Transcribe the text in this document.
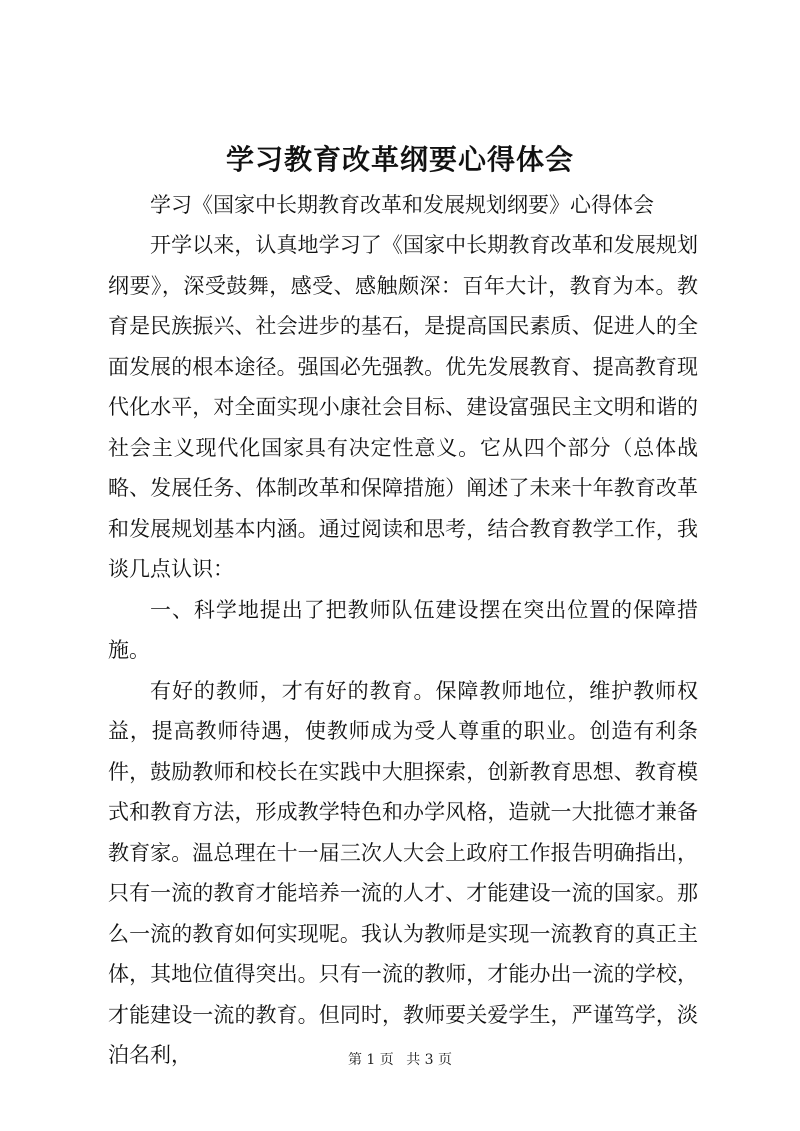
学习教育改革纲要心得体会

学习《国家中长期教育改革和发展规划纲要》心得体会

开学以来，认真地学习了《国家中长期教育改革和发展规划纲要》，深受鼓舞，感受、感触颇深：百年大计，教育为本。教育是民族振兴、社会进步的基石，是提高国民素质、促进人的全面发展的根本途径。强国必先强教。优先发展教育、提高教育现代化水平，对全面实现小康社会目标、建设富强民主文明和谐的社会主义现代化国家具有决定性意义。它从四个部分（总体战略、发展任务、体制改革和保障措施）阐述了未来十年教育改革和发展规划基本内涵。通过阅读和思考，结合教育教学工作，我谈几点认识：

一、科学地提出了把教师队伍建设摆在突出位置的保障措施。

有好的教师，才有好的教育。保障教师地位，维护教师权益，提高教师待遇，使教师成为受人尊重的职业。创造有利条件，鼓励教师和校长在实践中大胆探索，创新教育思想、教育模式和教育方法，形成教学特色和办学风格，造就一大批德才兼备教育家。温总理在十一届三次人大会上政府工作报告明确指出，只有一流的教育才能培养一流的人才、才能建设一流的国家。那么一流的教育如何实现呢。我认为教师是实现一流教育的真正主体，其地位值得突出。只有一流的教师，才能办出一流的学校，才能建设一流的教育。但同时，教师要关爱学生，严谨笃学，淡泊名利，	第 1 页 共 3 页
